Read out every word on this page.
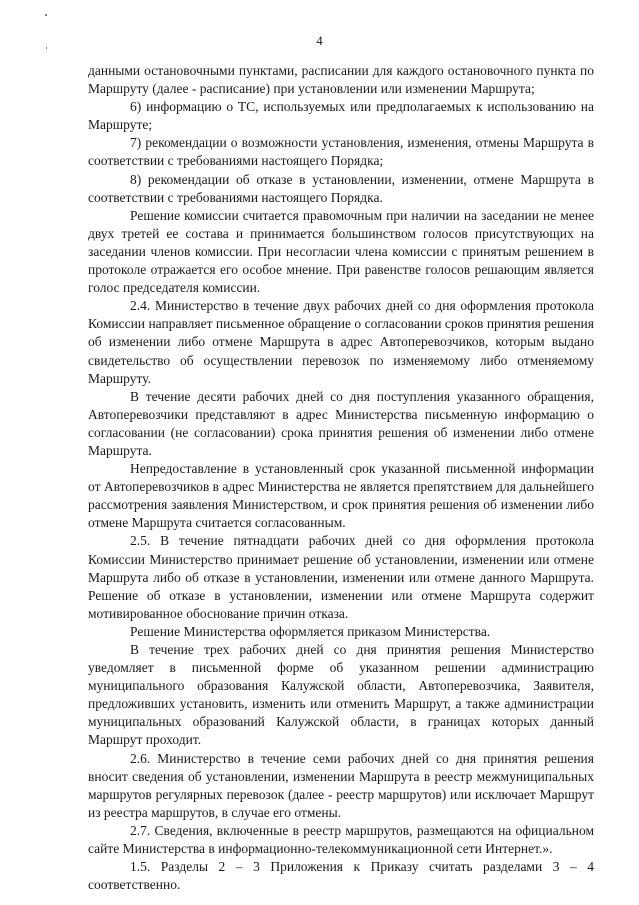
4

данными остановочными пунктами, расписании для каждого остановочного пункта по Маршруту (далее - расписание) при установлении или изменении Маршрута;

6) информацию о ТС, используемых или предполагаемых к использованию на Маршруте;

7) рекомендации о возможности установления, изменения, отмены Маршрута в соответствии с требованиями настоящего Порядка;

8) рекомендации об отказе в установлении, изменении, отмене Маршрута в соответствии с требованиями настоящего Порядка.

Решение комиссии считается правомочным при наличии на заседании не менее двух третей ее состава и принимается большинством голосов присутствующих на заседании членов комиссии. При несогласии члена комиссии с принятым решением в протоколе отражается его особое мнение. При равенстве голосов решающим является голос председателя комиссии.

2.4. Министерство в течение двух рабочих дней со дня оформления протокола Комиссии направляет письменное обращение о согласовании сроков принятия решения об изменении либо отмене Маршрута в адрес Автоперевозчиков, которым выдано свидетельство об осуществлении перевозок по изменяемому либо отменяемому Маршруту.

В течение десяти рабочих дней со дня поступления указанного обращения, Автоперевозчики представляют в адрес Министерства письменную информацию о согласовании (не согласовании) срока принятия решения об изменении либо отмене Маршрута.

Непредоставление в установленный срок указанной письменной информации от Автоперевозчиков в адрес Министерства не является препятствием для дальнейшего рассмотрения заявления Министерством, и срок принятия решения об изменении либо отмене Маршрута считается согласованным.

2.5. В течение пятнадцати рабочих дней со дня оформления протокола Комиссии Министерство принимает решение об установлении, изменении или отмене Маршрута либо об отказе в установлении, изменении или отмене данного Маршрута. Решение об отказе в установлении, изменении или отмене Маршрута содержит мотивированное обоснование причин отказа.

Решение Министерства оформляется приказом Министерства.

В течение трех рабочих дней со дня принятия решения Министерство уведомляет в письменной форме об указанном решении администрацию муниципального образования Калужской области, Автоперевозчика, Заявителя, предложивших установить, изменить или отменить Маршрут, а также администрации муниципальных образований Калужской области, в границах которых данный Маршрут проходит.

2.6. Министерство в течение семи рабочих дней со дня принятия решения вносит сведения об установлении, изменении Маршрута в реестр межмуниципальных маршрутов регулярных перевозок (далее - реестр маршрутов) или исключает Маршрут из реестра маршрутов, в случае его отмены.

2.7. Сведения, включенные в реестр маршрутов, размещаются на официальном сайте Министерства в информационно-телекоммуникационной сети Интернет.».

1.5. Разделы 2 – 3 Приложения к Приказу считать разделами 3 – 4 соответственно.
